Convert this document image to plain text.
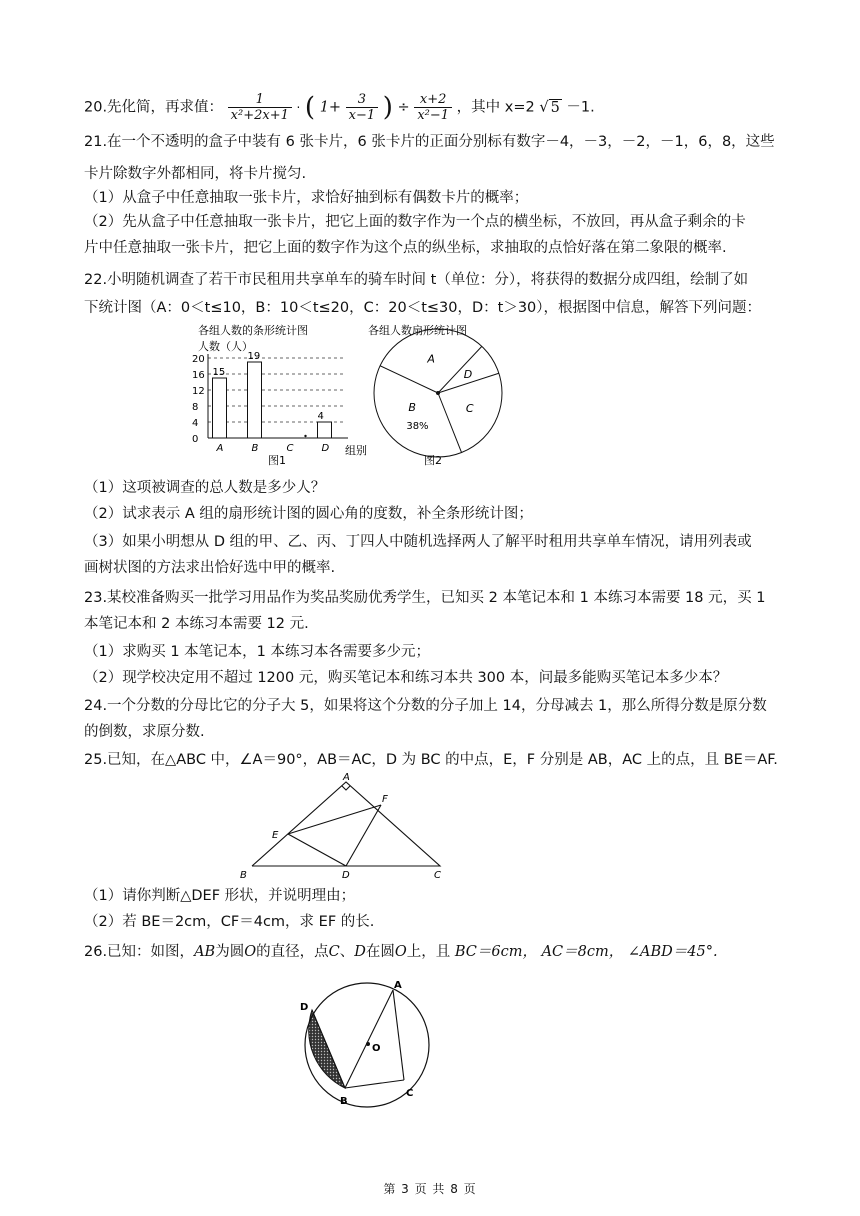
20.先化简，再求值： $\frac{1}{\text{x²+2x+1}}$ · ( $1+ \frac{3}{x-1}$ ) ÷ $\frac{x+2}{\text{x²−1}}$ ，其中 x=2 √ 5 －1.
21.在一个不透明的盒子中装有 6 张卡片，6 张卡片的正面分别标有数字－4，－3，－2，－1，6，8，这些
卡片除数字外都相同，将卡片搅匀.
（1）从盒子中任意抽取一张卡片，求恰好抽到标有偶数卡片的概率；
（2）先从盒子中任意抽取一张卡片，把它上面的数字作为一个点的横坐标，不放回，再从盒子剩余的卡
片中任意抽取一张卡片，把它上面的数字作为这个点的纵坐标，求抽取的点恰好落在第二象限的概率.
22.小明随机调查了若干市民租用共享单车的骑车时间 t（单位：分），将获得的数据分成四组，绘制了如
下统计图（A：0＜t≤10，B：10＜t≤20，C：20＜t≤30，D：t＞30），根据图中信息，解答下列问题：
各组人数的条形统计图
人数（人）
0
4
8
12
16
20
15
A
19
B	C
4
D 组别
图1
各组人数扇形统计图
A
B
38%
C
D
图2
（1）这项被调查的总人数是多少人？
（2）试求表示 A 组的扇形统计图的圆心角的度数，补全条形统计图；
（3）如果小明想从 D 组的甲、乙、丙、丁四人中随机选择两人了解平时租用共享单车情况，请用列表或
画树状图的方法求出恰好选中甲的概率.
23.某校准备购买一批学习用品作为奖品奖励优秀学生，已知买 2 本笔记本和 1 本练习本需要 18 元，买 1
本笔记本和 2 本练习本需要 12 元.
（1）求购买 1 本笔记本，1 本练习本各需要多少元；
（2）现学校决定用不超过 1200 元，购买笔记本和练习本共 300 本，问最多能购买笔记本多少本？
24.一个分数的分母比它的分子大 5，如果将这个分数的分子加上 14，分母减去 1，那么所得分数是原分数
的倒数，求原分数.
25.已知，在△ABC 中，∠A＝90°，AB＝AC，D 为 BC 的中点，E，F 分别是 AB，AC 上的点，且 BE＝AF.
A
B	C
D
E
F
（1）请你判断△DEF 形状，并说明理由；
（2）若 BE＝2cm，CF＝4cm，求 EF 的长.
26.已知：如图，AB为圆O的直径，点C、D在圆O上，且 BC＝6cm， AC＝8cm， ∠ABD＝45°.
A
B
C
D
O
第 3 页 共 8 页
